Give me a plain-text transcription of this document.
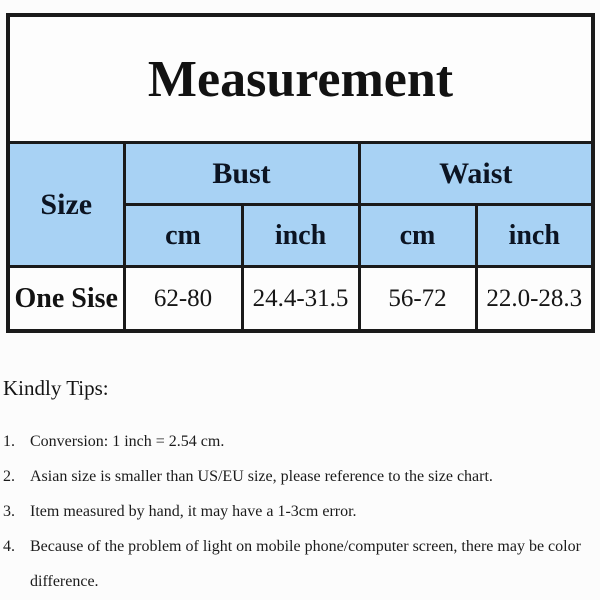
Measurement				
Size	Bust		Waist	
	cm	inch	cm	inch
One Sise	62-80	24.4-31.5	56-72	22.0-28.3
Kindly Tips:
1. Conversion: 1 inch = 2.54 cm.
2. Asian size is smaller than US/EU size, please reference to the size chart.
3. Item measured by hand, it may have a 1-3cm error.
4. Because of the problem of light on mobile phone/computer screen, there may be color difference.
